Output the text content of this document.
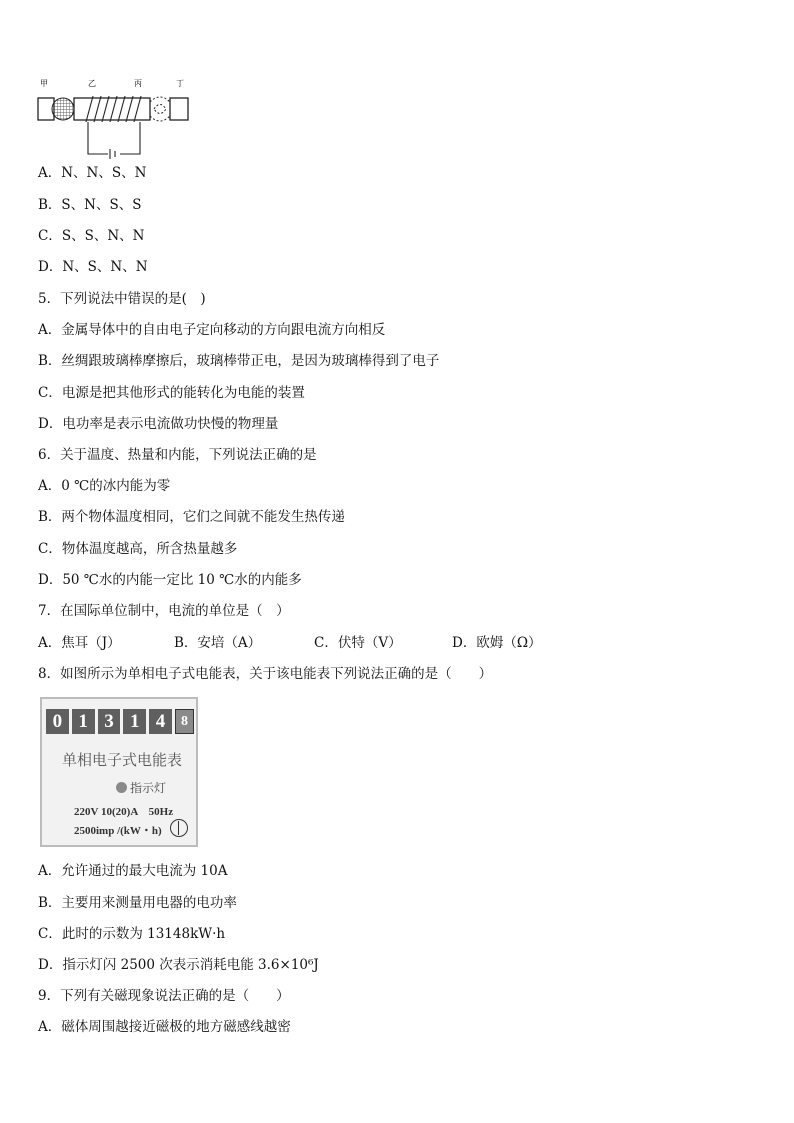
甲	乙	丙	丁
A．N、N、S、N
B．S、N、S、S
C．S、S、N、N
D．N、S、N、N
5．下列说法中错误的是(　)
A．金属导体中的自由电子定向移动的方向跟电流方向相反
B．丝绸跟玻璃棒摩擦后，玻璃棒带正电，是因为玻璃棒得到了电子
C．电源是把其他形式的能转化为电能的装置
D．电功率是表示电流做功快慢的物理量
6．关于温度、热量和内能，下列说法正确的是
A．0 ℃的冰内能为零
B．两个物体温度相同，它们之间就不能发生热传递
C．物体温度越高，所含热量越多
D．50 ℃水的内能一定比 10 ℃水的内能多
7．在国际单位制中，电流的单位是（　）
A．焦耳（J）	B．安培（A）	C．伏特（V）	D．欧姆（Ω）
8．如图所示为单相电子式电能表，关于该电能表下列说法正确的是（　　）
0 1 3 1 4	8
单相电子式电能表
指示灯
220V 10(20)A　50Hz
2500imp /(kW・h)
A．允许通过的最大电流为 10A
B．主要用来测量用电器的电功率
C．此时的示数为 13148kW·h
D．指示灯闪 2500 次表示消耗电能 3.6×10⁶J
9．下列有关磁现象说法正确的是（　　）
A．磁体周围越接近磁极的地方磁感线越密
